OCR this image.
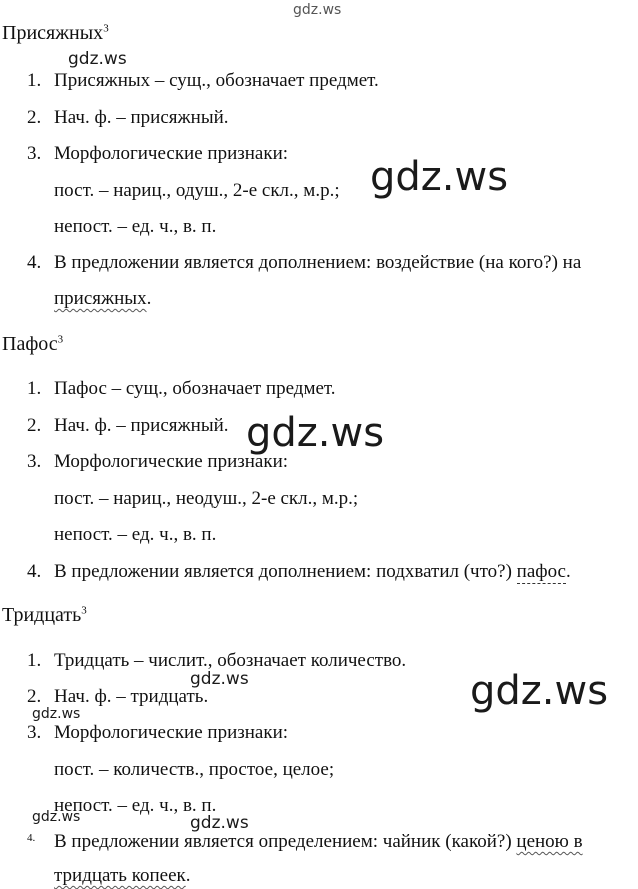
gdz.ws
Присяжных$^3$
gdz.ws
1. Присяжных – сущ., обозначает предмет.
2. Нач. ф. – присяжный.
3. Морфологические признаки:
пост. – нариц., одуш., 2-е скл., м.р.; gdz.ws
непост. – ед. ч., в. п.
4. В предложении является дополнением: воздействие (на кого?) на
присяжных.
Пафос$^3$
1. Пафос – сущ., обозначает предмет.
2. Нач. ф. – присяжный. gdz.ws
3. Морфологические признаки:
пост. – нариц., неодуш., 2-е скл., м.р.;
непост. – ед. ч., в. п.
4. В предложении является дополнением: подхватил (что?) пафос.
Тридцать$^3$
1. Тридцать – числит., обозначает количество.
2. Нач. ф. – тридцать.
gdz.ws	gdz.ws
gdz.ws
3. Морфологические признаки:
пост. – количеств., простое, целое;
непост. – ед. ч., в. п.
gdz.ws
gdz.ws
4. В предложении является определением: чайник (какой?) ценою в
тридцать копеек.
